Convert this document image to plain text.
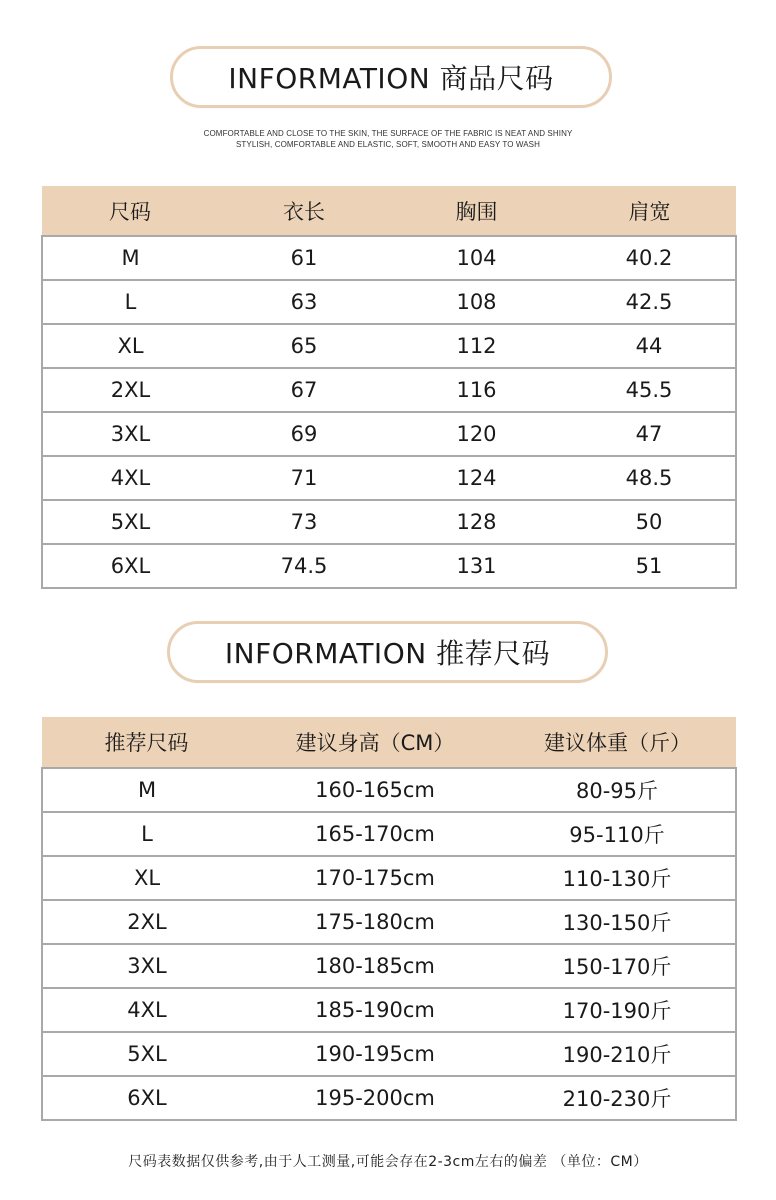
INFORMATION 商品尺码
COMFORTABLE AND CLOSE TO THE SKIN, THE SURFACE OF THE FABRIC IS NEAT AND SHINY
STYLISH, COMFORTABLE AND ELASTIC, SOFT, SMOOTH AND EASY TO WASH
尺码	衣长	胸围	肩宽
M	61	104	40.2
L	63	108	42.5
XL	65	112	44
2XL	67	116	45.5
3XL	69	120	47
4XL	71	124	48.5
5XL	73	128	50
6XL	74.5	131	51
INFORMATION 推荐尺码
推荐尺码	建议身高（CM）	建议体重（斤）
M	160-165cm	80-95斤
L	165-170cm	95-110斤
XL	170-175cm	110-130斤
2XL	175-180cm	130-150斤
3XL	180-185cm	150-170斤
4XL	185-190cm	170-190斤
5XL	190-195cm	190-210斤
6XL	195-200cm	210-230斤
尺码表数据仅供参考,由于人工测量,可能会存在2-3cm左右的偏差 （单位：CM）
